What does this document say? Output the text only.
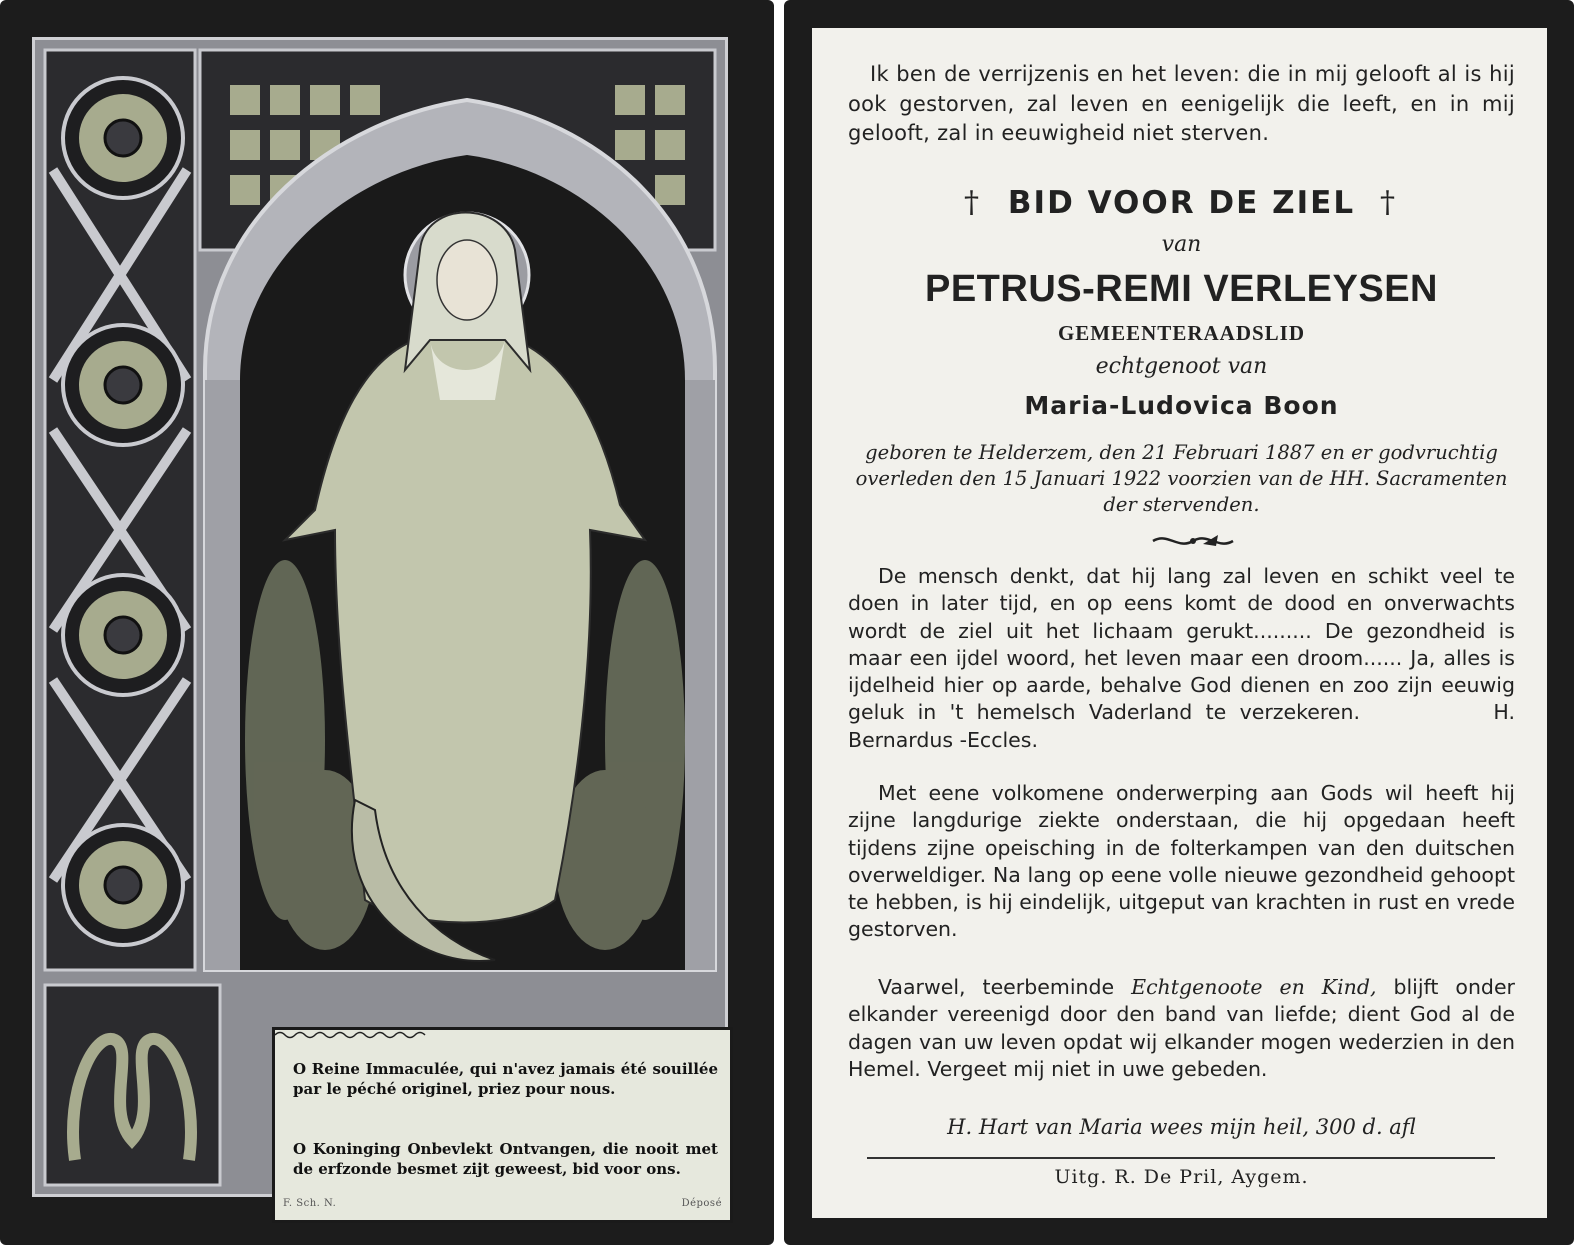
O Reine Immaculée, qui n'avez jamais été souillée par le péché originel, priez pour nous.
O Koninging Onbevlekt Ontvangen, die nooit met de erfzonde besmet zijt geweest, bid voor ons.
F. Sch. N.	Déposé
Ik ben de verrijzenis en het leven: die in mij gelooft al is hij ook gestorven, zal leven en eenigelijk die leeft, en in mij gelooft, zal in eeuwigheid niet sterven.
† BID VOOR DE ZIEL †
van
PETRUS-REMI VERLEYSEN
GEMEENTERAADSLID
echtgenoot van
Maria-Ludovica Boon
geboren te Helderzem, den 21 Februari 1887 en er godvruchtig overleden den 15 Januari 1922 voorzien van de HH. Sacramenten der stervenden.
De mensch denkt, dat hij lang zal leven en schikt veel te doen in later tijd, en op eens komt de dood en onverwachts wordt de ziel uit het lichaam gerukt......... De gezondheid is maar een ijdel woord, het leven maar een droom...... Ja, alles is ijdelheid hier op aarde, behalve God dienen en zoo zijn eeuwig geluk in 't hemelsch Vaderland te verzekeren.	H. Bernardus -Eccles.
Met eene volkomene onderwerping aan Gods wil heeft hij zijne langdurige ziekte onderstaan, die hij opgedaan heeft tijdens zijne opeisching in de folterkampen van den duitschen overweldiger. Na lang op eene volle nieuwe gezondheid gehoopt te hebben, is hij eindelijk, uitgeput van krachten in rust en vrede gestorven.
Vaarwel, teerbeminde Echtgenoote en Kind, blijft onder elkander vereenigd door den band van liefde; dient God al de dagen van uw leven opdat wij elkander mogen wederzien in den Hemel. Vergeet mij niet in uwe gebeden.
H. Hart van Maria wees mijn heil, 300 d. afl
Uitg. R. De Pril, Aygem.
